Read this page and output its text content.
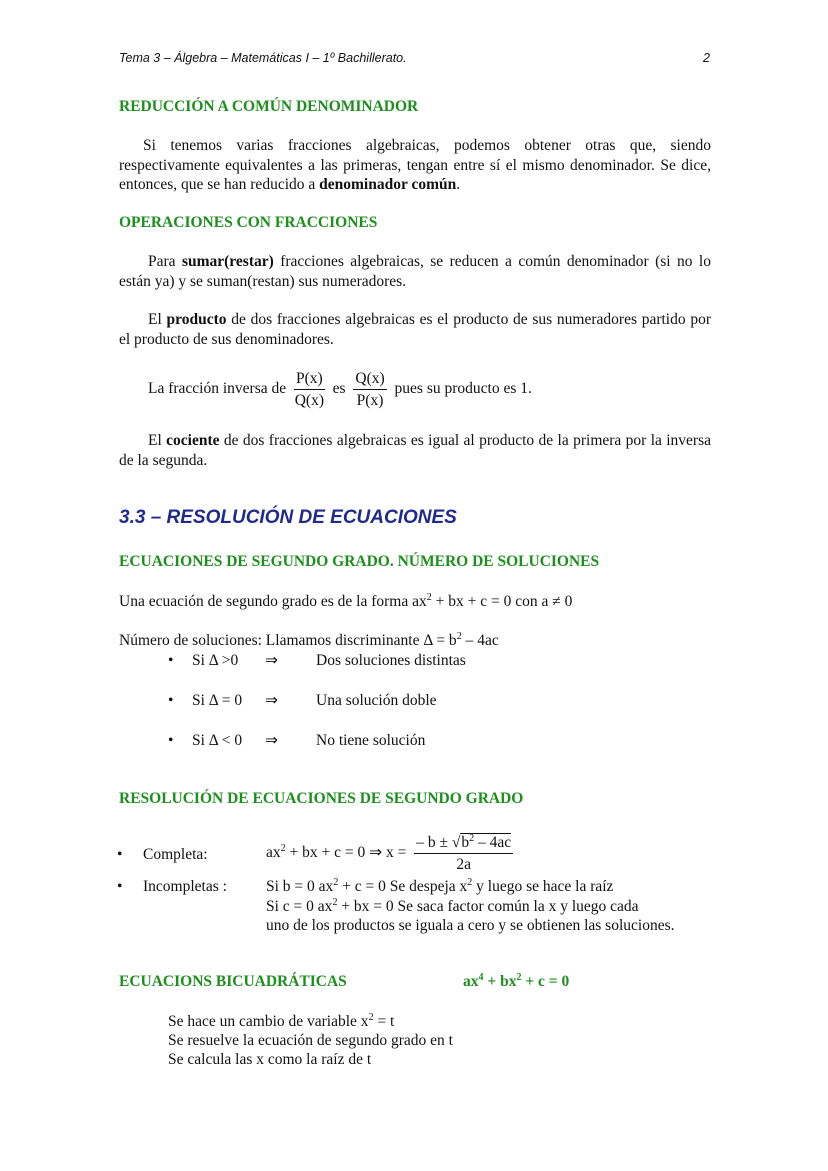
Tema 3 – Álgebra – Matemáticas I – 1º Bachillerato.	2
REDUCCIÓN A COMÚN DENOMINADOR
Si tenemos varias fracciones algebraicas, podemos obtener otras que, siendo respectivamente equivalentes a las primeras, tengan entre sí el mismo denominador. Se dice, entonces, que se han reducido a denominador común.
OPERACIONES CON FRACCIONES
Para sumar(restar) fracciones algebraicas, se reducen a común denominador (si no lo están ya) y se suman(restan) sus numeradores.
El producto de dos fracciones algebraicas es el producto de sus numeradores partido por el producto de sus denominadores.
La fracción inversa de $\frac{P(x)}{Q(x)}$ es $\frac{Q(x)}{P(x)}$ pues su producto es 1.
El cociente de dos fracciones algebraicas es igual al producto de la primera por la inversa de la segunda.
3.3 – RESOLUCIÓN DE ECUACIONES
ECUACIONES DE SEGUNDO GRADO. NÚMERO DE SOLUCIONES
Una ecuación de segundo grado es de la forma $ax^2$ + bx + c = 0 con a ≠ 0
Número de soluciones: Llamamos discriminante $\Delta = b^2 - 4ac$
• Si Δ >0 ⇒ Dos soluciones distintas
• Si Δ = 0 ⇒ Una solución doble
• Si Δ < 0 ⇒ No tiene solución
RESOLUCIÓN DE ECUACIONES DE SEGUNDO GRADO
• Completa:	$ax^2$ + bx + c = 0 ⇒ $x = \frac{- b \pm √b^2 - 4ac}{2a}$
• Incompletas :	Si b = 0 $ax^2 + c = 0$ Se despeja $x^2$ y luego se hace la raíz
Si c = 0 $ax^2$ + bx = 0 Se saca factor común la x y luego cada
uno de los productos se iguala a cero y se obtienen las soluciones.
ECUACIONS BICUADRÁTICAS	$ax^4 + bx^2 + c = 0$
Se hace un cambio de variable $x^2 = t$
Se resuelve la ecuación de segundo grado en t
Se calcula las x como la raíz de t
